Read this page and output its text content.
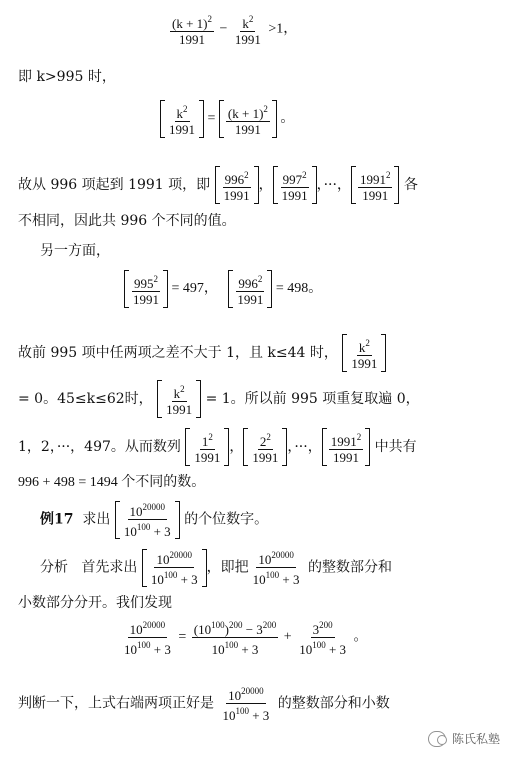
$\frac{(k + 1)^2}{1991} - \frac{k^2}{1991} >1$，
即 k>995 时，
$\frac{k^2}{1991} = \frac{(k + 1)^2}{1991}$ 。
故从 996 项起到 1991 项，即 $\frac{996^2}{1991}$ ， $\frac{997^2}{1991}$ ，···， $\frac{1991^2}{1991}$ 各
不相同，因此共 996 个不同的值。
另一方面，
$\frac{995^2}{1991} = 497$， $\frac{996^2}{1991} = 498$。
故前 995 项中任两项之差不大于 1，且 k≤44 时， $\frac{k^2}{1991}$
= 0。45≤k≤62时， $\frac{k^2}{1991} = 1$。所以前 995 项重复取遍 0，
1，2，···，497。从而数列 $\frac{1^2}{1991}$ ， $\frac{2^2}{1991}$ ，···， $\frac{1991^2}{1991}$ 中共有
996 + 498 = 1494 个不同的数。
例17 求出 $\frac{10^{20000}}{10^{100} + 3}$ 的个位数字。
分析 首先求出 $\frac{10^{20000}}{10^{100} + 3}$ ，即把 $\frac{10^{20000}}{10^{100} + 3}$ 的整数部分和
小数部分分开。我们发现
$\frac{10^{20000}}{10^{100} + 3} = \frac{(10^{100})^{200} - 3^{200}}{10^{100} + 3} + \frac{3^{200}}{10^{100} + 3}$ 。
判断一下，上式右端两项正好是 $\frac{10^{20000}}{10^{100} + 3}$ 的整数部分和小数
陈氏私塾
